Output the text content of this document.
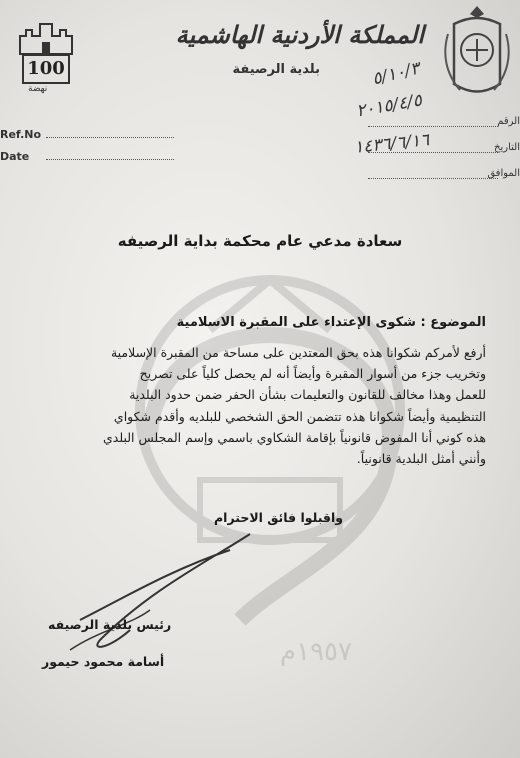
١٩٥٧م
100
نهضة
المملكة الأردنية الهاشمية
بلدية الرصيفة
Ref.No
Date
الرقم
التاريخ
الموافق
٥/١٠/٣
٢٠١٥/٤/٥
١٤٣٦/٦/١٦
سعادة مدعي عام محكمة بداية الرصيفه
الموضوع : شكوى الإعتداء على المقبرة الاسلامية
أرفع لأمركم شكوانا هذه بحق المعتدين على مساحة من المقبرة الإسلامية
وتخريب جزء من أسوار المقبرة وأيضاً أنه لم يحصل كلياً على تصريح
للعمل وهذا مخالف للقانون والتعليمات بشأن الحفر ضمن حدود البلدية
التنظيمية وأيضاً شكوانا هذه تتضمن الحق الشخصي للبلديه وأقدم شكواي
هذه كوني أنا المفوض قانونياً بإقامة الشكاوي باسمي وإسم المجلس البلدي
وأنني أمثل البلدية قانونياً.
واقبلوا فائق الاحترام
رئيس بلدية الرصيفه
أسامة محمود حيمور
